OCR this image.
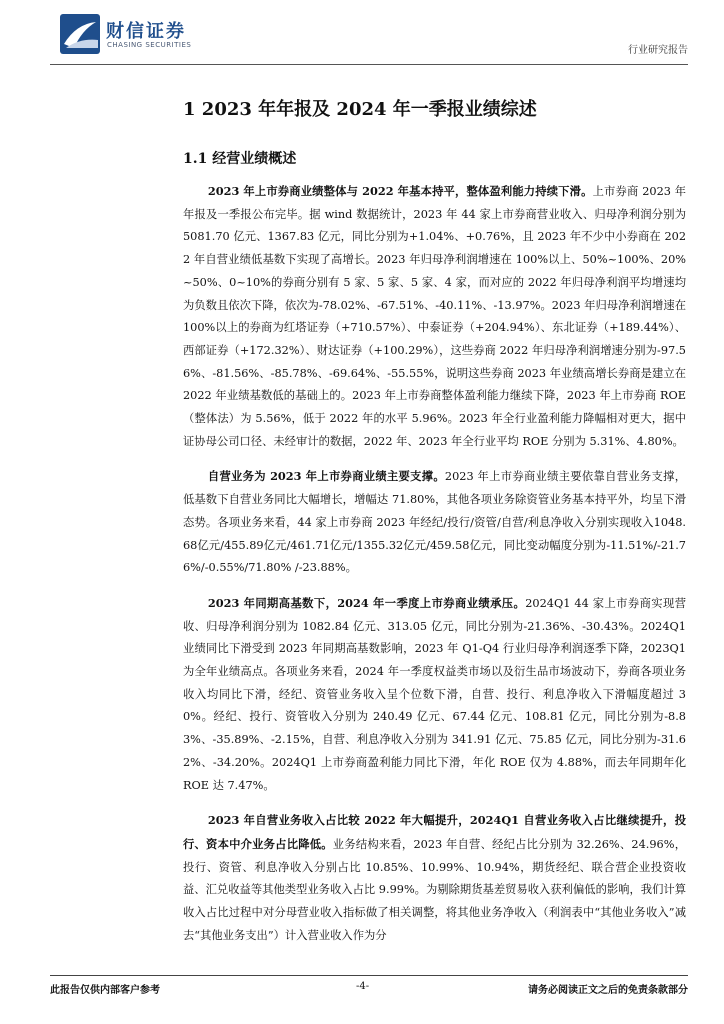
财信证券
CHASING SECURITIES	行业研究报告
1 2023 年年报及 2024 年一季报业绩综述
1.1 经营业绩概述

2023 年上市券商业绩整体与 2022 年基本持平，整体盈利能力持续下滑。上市券商 2023 年年报及一季报公布完毕。据 wind 数据统计，2023 年 44 家上市券商营业收入、归母净利润分别为 5081.70 亿元、1367.83 亿元，同比分别为+1.04%、+0.76%，且 2023 年不少中小券商在 2022 年自营业绩低基数下实现了高增长。2023 年归母净利润增速在 100%以上、50%~100%、20%~50%、0~10%的券商分别有 5 家、5 家、5 家、4 家，而对应的 2022 年归母净利润平均增速均为负数且依次下降，依次为-78.02%、-67.51%、-40.11%、-13.97%。2023 年归母净利润增速在 100%以上的券商为红塔证券（+710.57%）、中泰证券（+204.94%）、东北证券（+189.44%）、西部证券（+172.32%）、财达证券（+100.29%），这些券商 2022 年归母净利润增速分别为-97.56%、-81.56%、-85.78%、-69.64%、-55.55%，说明这些券商 2023 年业绩高增长券商是建立在 2022 年业绩基数低的基础上的。2023 年上市券商整体盈利能力继续下降，2023 年上市券商 ROE（整体法）为 5.56%，低于 2022 年的水平 5.96%。2023 年全行业盈利能力降幅相对更大，据中证协母公司口径、未经审计的数据，2022 年、2023 年全行业平均 ROE 分别为 5.31%、4.80%。

自营业务为 2023 年上市券商业绩主要支撑。2023 年上市券商业绩主要依靠自营业务支撑，低基数下自营业务同比大幅增长，增幅达 71.80%，其他各项业务除资管业务基本持平外，均呈下滑态势。各项业务来看，44 家上市券商 2023 年经纪/投行/资管/自营/利息净收入分别实现收入1048.68亿元/455.89亿元/461.71亿元/1355.32亿元/459.58亿元，同比变动幅度分别为-11.51%/-21.76%/-0.55%/71.80% /-23.88%。

2023 年同期高基数下，2024 年一季度上市券商业绩承压。2024Q1 44 家上市券商实现营收、归母净利润分别为 1082.84 亿元、313.05 亿元，同比分别为-21.36%、-30.43%。2024Q1 业绩同比下滑受到 2023 年同期高基数影响，2023 年 Q1-Q4 行业归母净利润逐季下降，2023Q1 为全年业绩高点。各项业务来看，2024 年一季度权益类市场以及衍生品市场波动下，券商各项业务收入均同比下滑，经纪、资管业务收入呈个位数下滑，自营、投行、利息净收入下滑幅度超过 30%。经纪、投行、资管收入分别为 240.49 亿元、67.44 亿元、108.81 亿元，同比分别为-8.83%、-35.89%、-2.15%，自营、利息净收入分别为 341.91 亿元、75.85 亿元，同比分别为-31.62%、-34.20%。2024Q1 上市券商盈利能力同比下滑，年化 ROE 仅为 4.88%，而去年同期年化 ROE 达 7.47%。

2023 年自营业务收入占比较 2022 年大幅提升，2024Q1 自营业务收入占比继续提升，投行、资本中介业务占比降低。业务结构来看，2023 年自营、经纪占比分别为 32.26%、24.96%，投行、资管、利息净收入分别占比 10.85%、10.99%、10.94%，期货经纪、联合营企业投资收益、汇兑收益等其他类型业务收入占比 9.99%。为剔除期货基差贸易收入获利偏低的影响，我们计算收入占比过程中对分母营业收入指标做了相关调整，将其他业务净收入（利润表中“其他业务收入”减去“其他业务支出”）计入营业收入作为分

此报告仅供内部客户参考	-4-	请务必阅读正文之后的免责条款部分
